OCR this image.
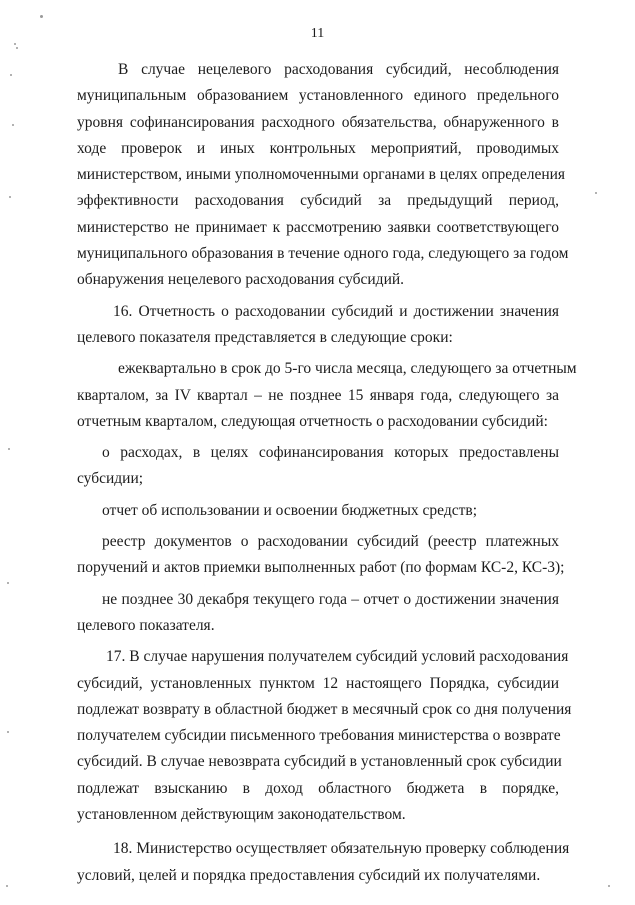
11
В случае нецелевого расходования субсидий, несоблюдения
муниципальным образованием установленного единого предельного
уровня софинансирования расходного обязательства, обнаруженного в
ходе проверок и иных контрольных мероприятий, проводимых
министерством, иными уполномоченными органами в целях определения
эффективности расходования субсидий за предыдущий период,
министерство не принимает к рассмотрению заявки соответствующего
муниципального образования в течение одного года, следующего за годом
обнаружения нецелевого расходования субсидий.
16. Отчетность о расходовании субсидий и достижении значения
целевого показателя представляется в следующие сроки:
ежеквартально в срок до 5-го числа месяца, следующего за отчетным
кварталом, за IV квартал – не позднее 15 января года, следующего за
отчетным кварталом, следующая отчетность о расходовании субсидий:
о расходах, в целях софинансирования которых предоставлены
субсидии;
отчет об использовании и освоении бюджетных средств;
реестр документов о расходовании субсидий (реестр платежных
поручений и актов приемки выполненных работ (по формам КС-2, КС-3);
не позднее 30 декабря текущего года – отчет о достижении значения
целевого показателя.
17. В случае нарушения получателем субсидий условий расходования
субсидий, установленных пунктом 12 настоящего Порядка, субсидии
подлежат возврату в областной бюджет в месячный срок со дня получения
получателем субсидии письменного требования министерства о возврате
субсидий. В случае невозврата субсидий в установленный срок субсидии
подлежат взысканию в доход областного бюджета в порядке,
установленном действующим законодательством.
18. Министерство осуществляет обязательную проверку соблюдения
условий, целей и порядка предоставления субсидий их получателями.
